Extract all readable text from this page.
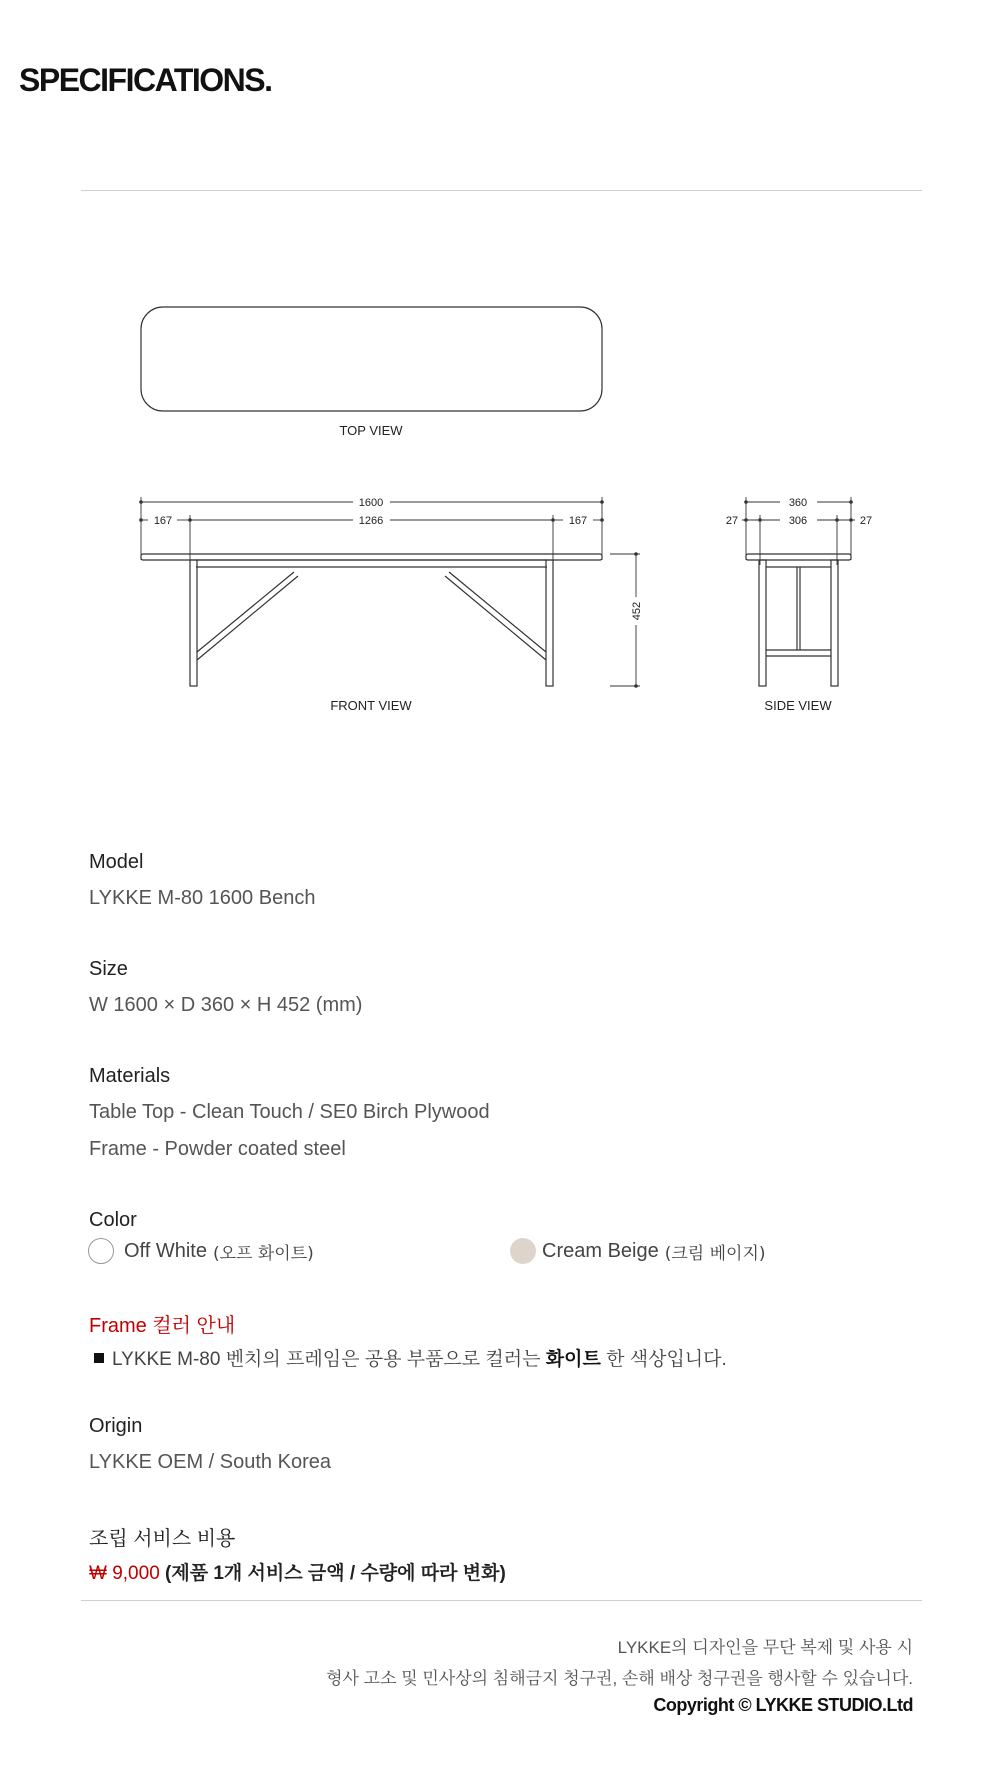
SPECIFICATIONS.
TOP VIEW
1600
1266
167	167
452
FRONT VIEW
360
306
27	27
SIDE VIEW
Model
LYKKE M-80 1600 Bench
Size
W 1600 × D 360 × H 452 (mm)
Materials
Table Top - Clean Touch / SE0 Birch Plywood
Frame - Powder coated steel
Color
Off White (오프 화이트)	Cream Beige (크림 베이지)
Frame 컬러 안내
LYKKE M-80 벤치의 프레임은 공용 부품으로 컬러는 화이트 한 색상입니다.
Origin
LYKKE OEM / South Korea
조립 서비스 비용
₩ 9,000 (제품 1개 서비스 금액 / 수량에 따라 변화)
LYKKE의 디자인을 무단 복제 및 사용 시
형사 고소 및 민사상의 침해금지 청구권, 손해 배상 청구권을 행사할 수 있습니다.
Copyright © LYKKE STUDIO.Ltd
